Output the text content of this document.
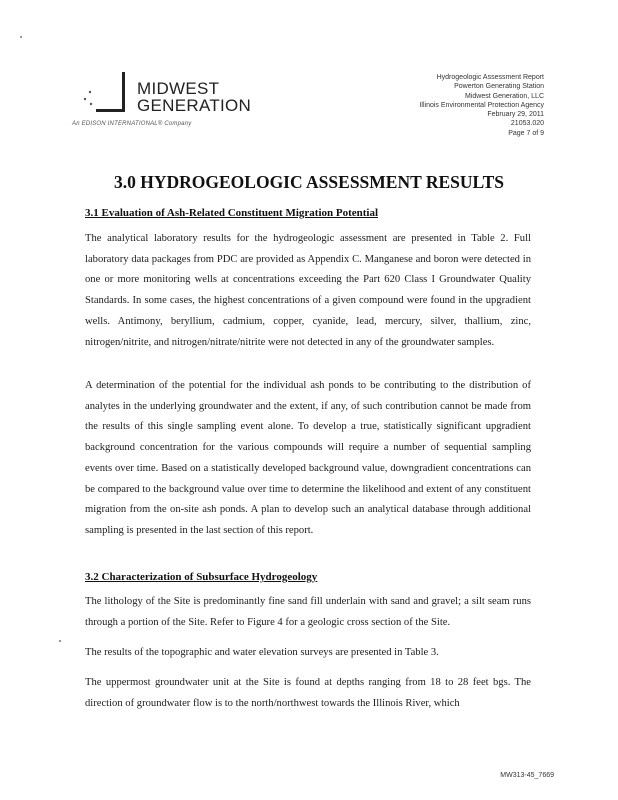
MIDWEST
GENERATION
An EDISON INTERNATIONAL® Company
Hydrogeologic Assessment Report
Powerton Generating Station
Midwest Generation, LLC
Illinois Environmental Protection Agency
February 29, 2011
21053.020
Page 7 of 9
3.0 HYDROGEOLOGIC ASSESSMENT RESULTS
3.1 Evaluation of Ash-Related Constituent Migration Potential
The analytical laboratory results for the hydrogeologic assessment are presented in Table 2. Full laboratory data packages from PDC are provided as Appendix C. Manganese and boron were detected in one or more monitoring wells at concentrations exceeding the Part 620 Class I Groundwater Quality Standards. In some cases, the highest concentrations of a given compound were found in the upgradient wells. Antimony, beryllium, cadmium, copper, cyanide, lead, mercury, silver, thallium, zinc, nitrogen/nitrite, and nitrogen/nitrate/nitrite were not detected in any of the groundwater samples.
A determination of the potential for the individual ash ponds to be contributing to the distribution of analytes in the underlying groundwater and the extent, if any, of such contribution cannot be made from the results of this single sampling event alone. To develop a true, statistically significant upgradient background concentration for the various compounds will require a number of sequential sampling events over time. Based on a statistically developed background value, downgradient concentrations can be compared to the background value over time to determine the likelihood and extent of any constituent migration from the on-site ash ponds. A plan to develop such an analytical database through additional sampling is presented in the last section of this report.
3.2 Characterization of Subsurface Hydrogeology
The lithology of the Site is predominantly fine sand fill underlain with sand and gravel; a silt seam runs through a portion of the Site. Refer to Figure 4 for a geologic cross section of the Site.
The results of the topographic and water elevation surveys are presented in Table 3.
The uppermost groundwater unit at the Site is found at depths ranging from 18 to 28 feet bgs. The direction of groundwater flow is to the north/northwest towards the Illinois River, which
MW313-45_7669
